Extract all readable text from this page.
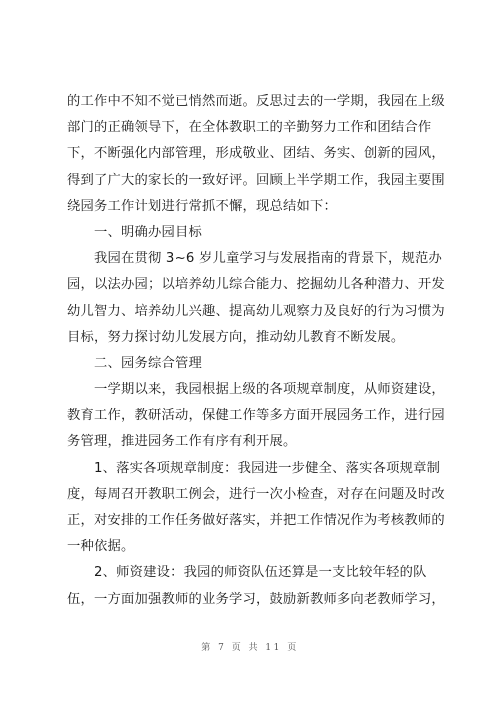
的工作中不知不觉已悄然而逝。反思过去的一学期，我园在上级
部门的正确领导下，在全体教职工的辛勤努力工作和团结合作
下，不断强化内部管理，形成敬业、团结、务实、创新的园风，
得到了广大的家长的一致好评。回顾上半学期工作，我园主要围
绕园务工作计划进行常抓不懈，现总结如下：
一、明确办园目标
我园在贯彻 3~6 岁儿童学习与发展指南的背景下，规范办
园，以法办园；以培养幼儿综合能力、挖掘幼儿各种潜力、开发
幼儿智力、培养幼儿兴趣、提高幼儿观察力及良好的行为习惯为
目标，努力探讨幼儿发展方向，推动幼儿教育不断发展。
二、园务综合管理
一学期以来，我园根据上级的各项规章制度，从师资建设，
教育工作，教研活动，保健工作等多方面开展园务工作，进行园
务管理，推进园务工作有序有利开展。
1、落实各项规章制度：我园进一步健全、落实各项规章制
度，每周召开教职工例会，进行一次小检查，对存在问题及时改
正，对安排的工作任务做好落实，并把工作情况作为考核教师的
一种依据。
2、师资建设：我园的师资队伍还算是一支比较年轻的队
伍，一方面加强教师的业务学习，鼓励新教师多向老教师学习，
第 7 页 共 11 页
